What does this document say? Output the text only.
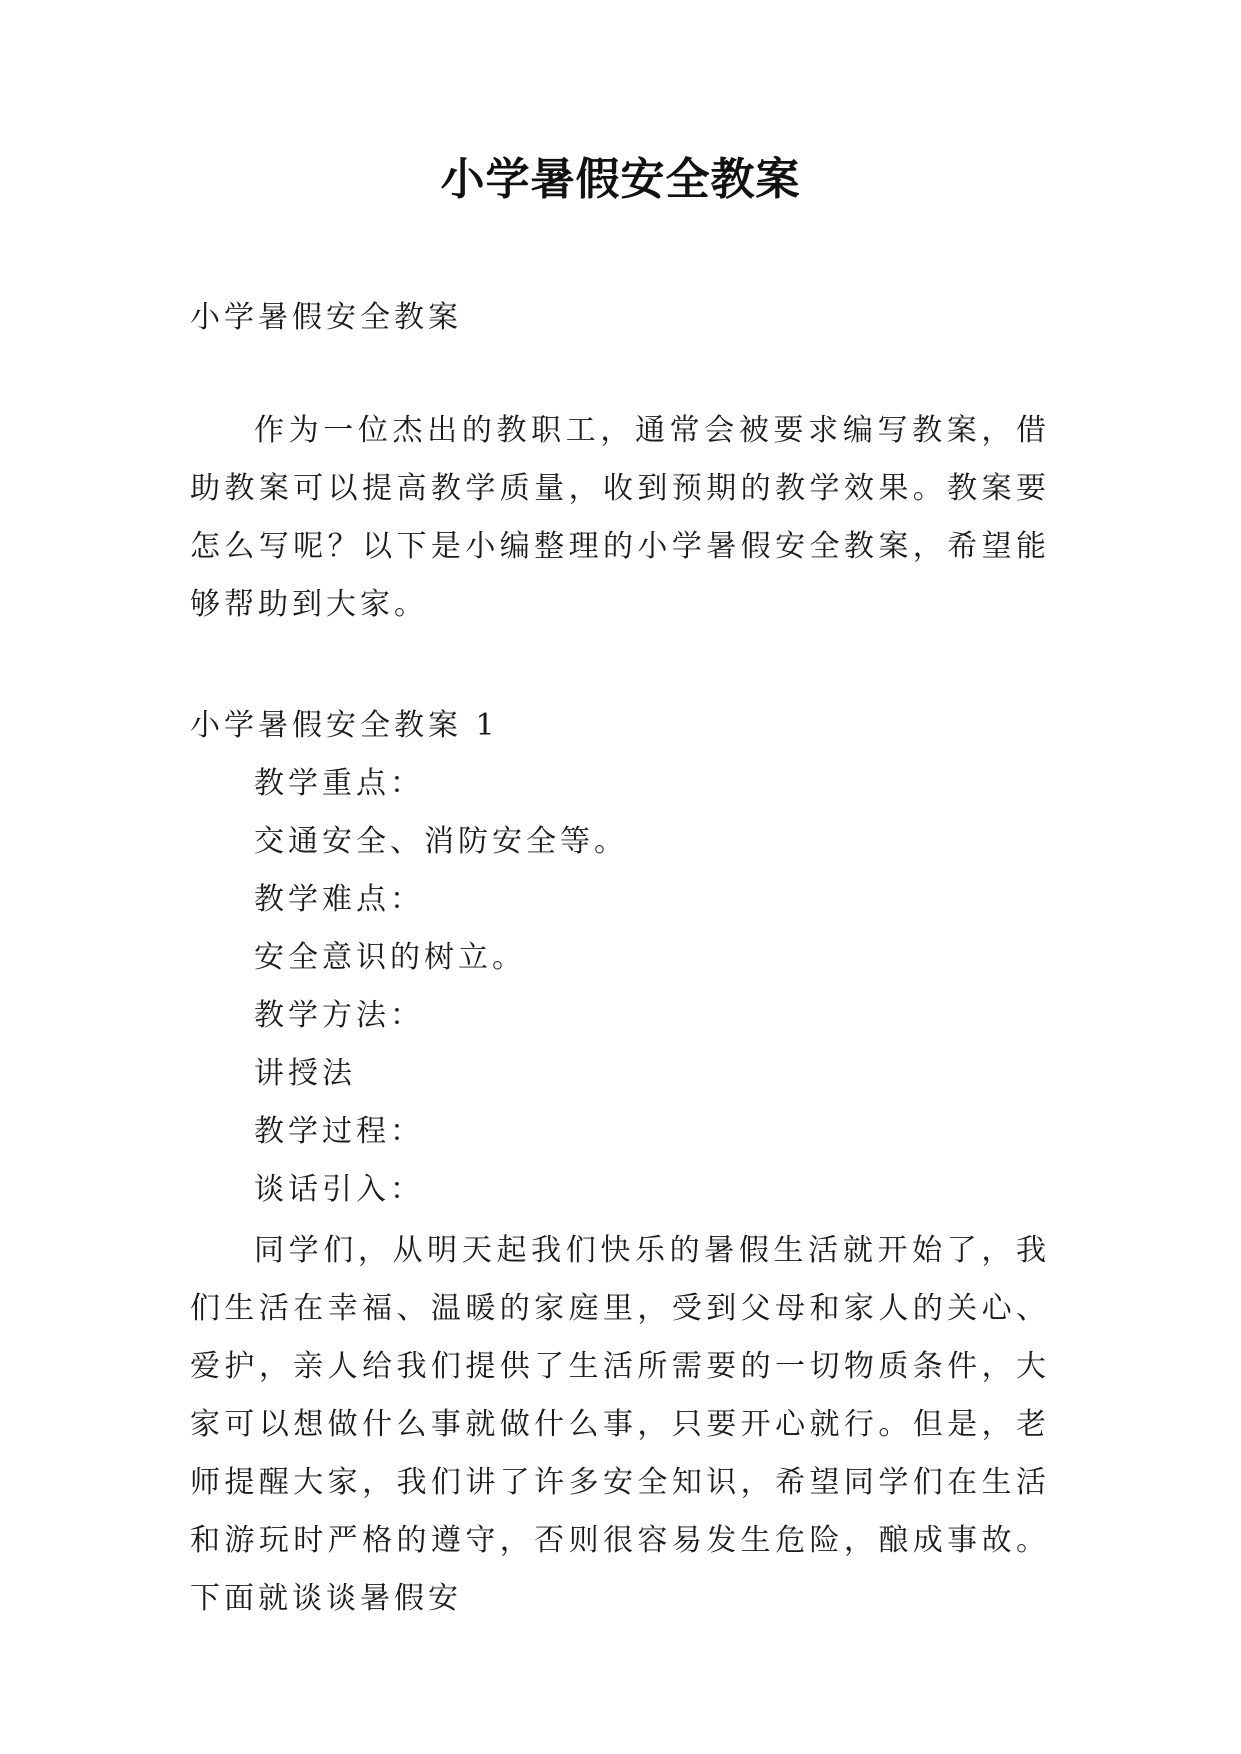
小学暑假安全教案
小学暑假安全教案
作为一位杰出的教职工，通常会被要求编写教案，借助教案可以提高教学质量，收到预期的教学效果。教案要怎么写呢？以下是小编整理的小学暑假安全教案，希望能够帮助到大家。
小学暑假安全教案 1
教学重点：
交通安全、消防安全等。
教学难点：
安全意识的树立。
教学方法：
讲授法
教学过程：
谈话引入：
同学们，从明天起我们快乐的暑假生活就开始了，我们生活在幸福、温暖的家庭里，受到父母和家人的关心、爱护，亲人给我们提供了生活所需要的一切物质条件，大家可以想做什么事就做什么事，只要开心就行。但是，老师提醒大家，我们讲了许多安全知识，希望同学们在生活和游玩时严格的遵守，否则很容易发生危险，酿成事故。下面就谈谈暑假安
